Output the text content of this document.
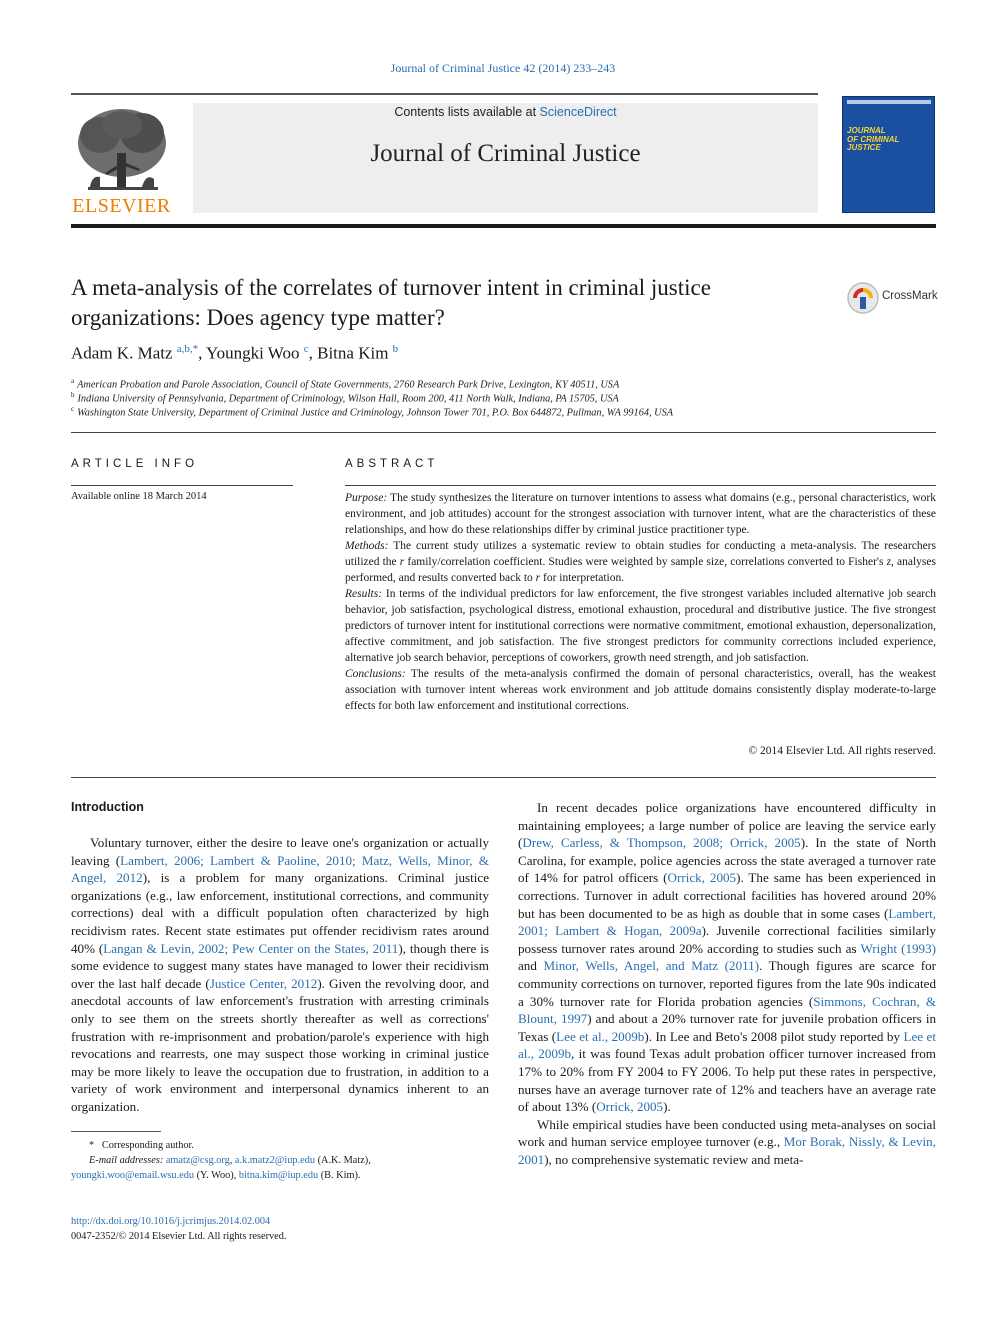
Journal of Criminal Justice 42 (2014) 233–243
ELSEVIER
Contents lists available at ScienceDirect
Journal of Criminal Justice
JOURNAL
OF CRIMINAL
JUSTICE
A meta-analysis of the correlates of turnover intent in criminal justice organizations: Does agency type matter?
CrossMark
Adam K. Matz $^{a,b,*}$, Youngki Woo $^c$, Bitna Kim $^b$
$^a$ American Probation and Parole Association, Council of State Governments, 2760 Research Park Drive, Lexington, KY 40511, USA
$^b$ Indiana University of Pennsylvania, Department of Criminology, Wilson Hall, Room 200, 411 North Walk, Indiana, PA 15705, USA
$^c$ Washington State University, Department of Criminal Justice and Criminology, Johnson Tower 701, P.O. Box 644872, Pullman, WA 99164, USA
ARTICLE INFO
Available online 18 March 2014
ABSTRACT

Purpose: The study synthesizes the literature on turnover intentions to assess what domains (e.g., personal characteristics, work environment, and job attitudes) account for the strongest association with turnover intent, what are the characteristics of these relationships, and how do these relationships differ by criminal justice practitioner type.

Methods: The current study utilizes a systematic review to obtain studies for conducting a meta-analysis. The researchers utilized the r family/correlation coefficient. Studies were weighted by sample size, correlations converted to Fisher's z, analyses performed, and results converted back to r for interpretation.

Results: In terms of the individual predictors for law enforcement, the five strongest variables included alternative job search behavior, job satisfaction, psychological distress, emotional exhaustion, procedural and distributive justice. The five strongest predictors of turnover intent for institutional corrections were normative commitment, emotional exhaustion, depersonalization, affective commitment, and job satisfaction. The five strongest predictors for community corrections included experience, alternative job search behavior, perceptions of coworkers, growth need strength, and job satisfaction.

Conclusions: The results of the meta-analysis confirmed the domain of personal characteristics, overall, has the weakest association with turnover intent whereas work environment and job attitude domains consistently display moderate-to-large effects for both law enforcement and institutional corrections.

© 2014 Elsevier Ltd. All rights reserved.
Introduction

Voluntary turnover, either the desire to leave one's organization or actually leaving (Lambert, 2006; Lambert & Paoline, 2010; Matz, Wells, Minor, & Angel, 2012), is a problem for many organizations. Criminal justice organizations (e.g., law enforcement, institutional corrections, and community corrections) deal with a difficult population often characterized by high recidivism rates. Recent state estimates put offender recidivism rates around 40% (Langan & Levin, 2002; Pew Center on the States, 2011), though there is some evidence to suggest many states have managed to lower their recidivism over the last half decade (Justice Center, 2012). Given the revolving door, and anecdotal accounts of law enforcement's frustration with arresting criminals only to see them on the streets shortly thereafter as well as corrections' frustration with re-imprisonment and probation/parole's experience with high revocations and rearrests, one may suspect those working in criminal justice may be more likely to leave the occupation due to frustration, in addition to a variety of work environment and interpersonal dynamics inherent to an organization.

In recent decades police organizations have encountered difficulty in maintaining employees; a large number of police are leaving the service early (Drew, Carless, & Thompson, 2008; Orrick, 2005). In the state of North Carolina, for example, police agencies across the state averaged a turnover rate of 14% for patrol officers (Orrick, 2005). The same has been experienced in corrections. Turnover in adult correctional facilities has hovered around 20% but has been documented to be as high as double that in some cases (Lambert, 2001; Lambert & Hogan, 2009a). Juvenile correctional facilities similarly possess turnover rates around 20% according to studies such as Wright (1993) and Minor, Wells, Angel, and Matz (2011). Though figures are scarce for community corrections on turnover, reported figures from the late 90s indicated a 30% turnover rate for Florida probation agencies (Simmons, Cochran, & Blount, 1997) and about a 20% turnover rate for juvenile probation officers in Texas (Lee et al., 2009b). In Lee and Beto's 2008 pilot study reported by Lee et al., 2009b, it was found Texas adult probation officer turnover increased from 17% to 20% from FY 2004 to FY 2006. To help put these rates in perspective, nurses have an average turnover rate of 12% and teachers have an average rate of about 13% (Orrick, 2005).

While empirical studies have been conducted using meta-analyses on social work and human service employee turnover (e.g., Mor Borak, Nissly, & Levin, 2001), no comprehensive systematic review and meta-

* Corresponding author.
E-mail addresses: amatz@csg.org, a.k.matz2@iup.edu (A.K. Matz),
youngki.woo@email.wsu.edu (Y. Woo), bitna.kim@iup.edu (B. Kim).
http://dx.doi.org/10.1016/j.jcrimjus.2014.02.004
0047-2352/© 2014 Elsevier Ltd. All rights reserved.
